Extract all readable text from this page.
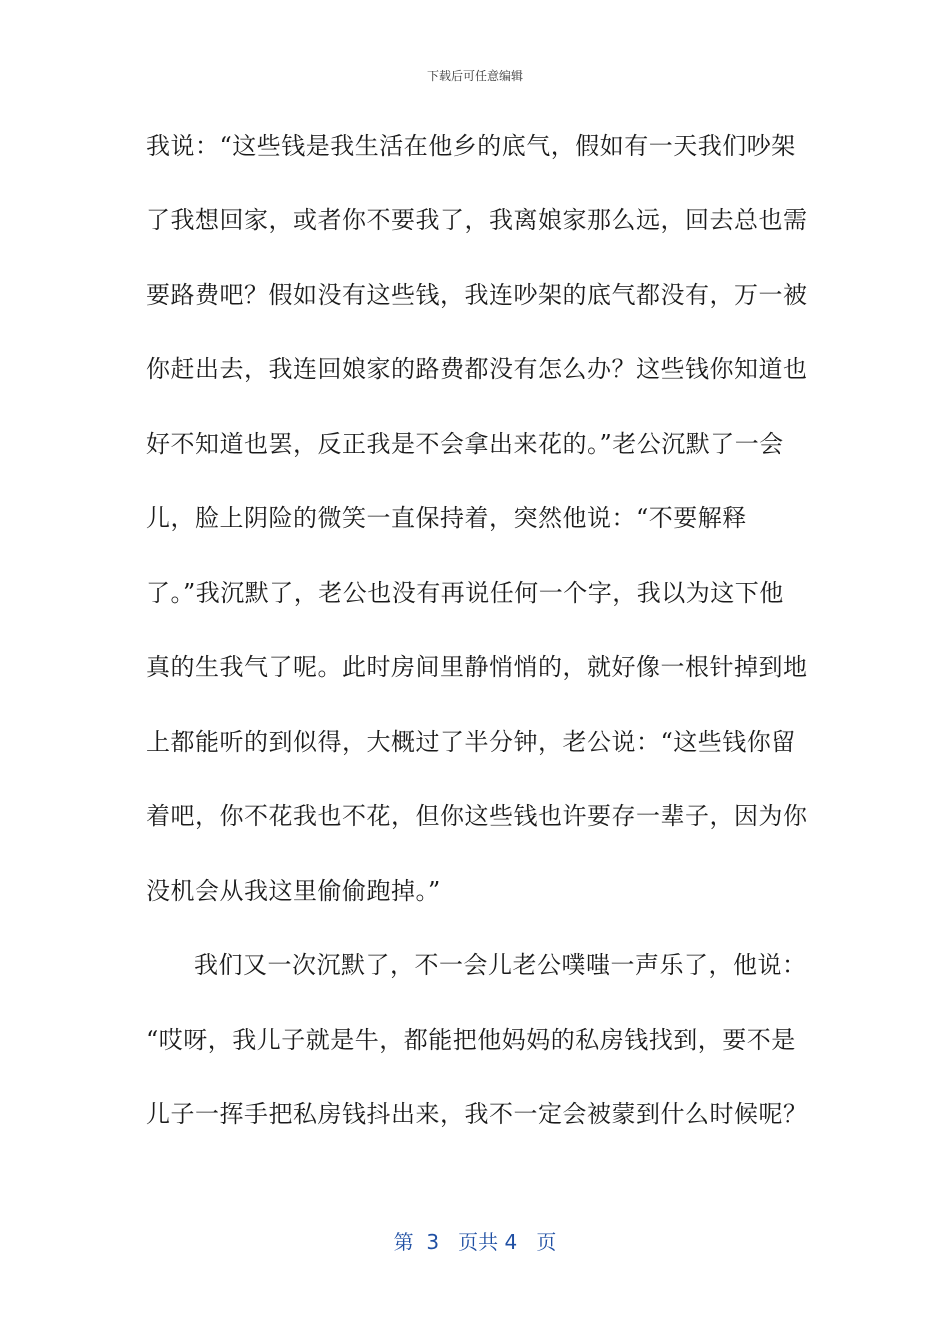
下载后可任意编辑
我说：“这些钱是我生活在他乡的底气，假如有一天我们吵架
了我想回家，或者你不要我了，我离娘家那么远，回去总也需
要路费吧？假如没有这些钱，我连吵架的底气都没有，万一被
你赶出去，我连回娘家的路费都没有怎么办？这些钱你知道也
好不知道也罢，反正我是不会拿出来花的。”老公沉默了一会
儿，脸上阴险的微笑一直保持着，突然他说：“不要解释
了。”我沉默了，老公也没有再说任何一个字，我以为这下他
真的生我气了呢。此时房间里静悄悄的，就好像一根针掉到地
上都能听的到似得，大概过了半分钟，老公说：“这些钱你留
着吧，你不花我也不花，但你这些钱也许要存一辈子，因为你
没机会从我这里偷偷跑掉。”
我们又一次沉默了，不一会儿老公噗嗤一声乐了，他说：
“哎呀，我儿子就是牛，都能把他妈妈的私房钱找到，要不是
儿子一挥手把私房钱抖出来，我不一定会被蒙到什么时候呢？
第  3   页共 4   页
